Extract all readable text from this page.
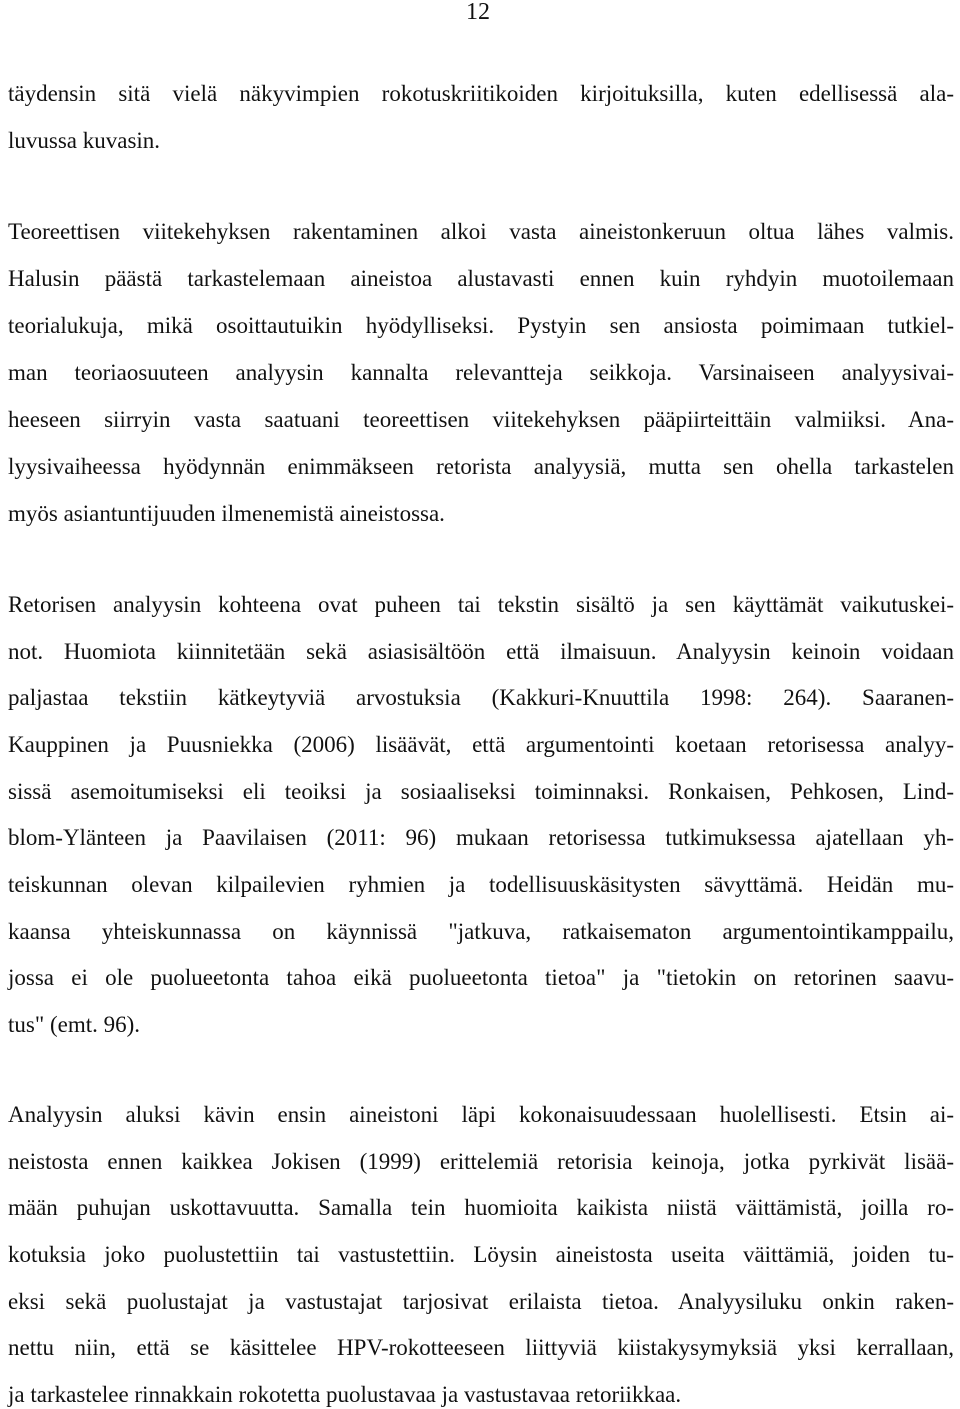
12

täydensin sitä vielä näkyvimpien rokotuskriitikoiden kirjoituksilla, kuten edellisessä ala-

luvussa kuvasin.

Teoreettisen viitekehyksen rakentaminen alkoi vasta aineistonkeruun oltua lähes valmis.

Halusin päästä tarkastelemaan aineistoa alustavasti ennen kuin ryhdyin muotoilemaan

teorialukuja, mikä osoittautuikin hyödylliseksi. Pystyin sen ansiosta poimimaan tutkiel-

man teoriaosuuteen analyysin kannalta relevantteja seikkoja. Varsinaiseen analyysivai-

heeseen siirryin vasta saatuani teoreettisen viitekehyksen pääpiirteittäin valmiiksi. Ana-

lyysivaiheessa hyödynnän enimmäkseen retorista analyysiä, mutta sen ohella tarkastelen

myös asiantuntijuuden ilmenemistä aineistossa.

Retorisen analyysin kohteena ovat puheen tai tekstin sisältö ja sen käyttämät vaikutuskei-

not. Huomiota kiinnitetään sekä asiasisältöön että ilmaisuun. Analyysin keinoin voidaan

paljastaa tekstiin kätkeytyviä arvostuksia (Kakkuri-Knuuttila 1998: 264). Saaranen-

Kauppinen ja Puusniekka (2006) lisäävät, että argumentointi koetaan retorisessa analyy-

sissä asemoitumiseksi eli teoiksi ja sosiaaliseksi toiminnaksi. Ronkaisen, Pehkosen, Lind-

blom-Ylänteen ja Paavilaisen (2011: 96) mukaan retorisessa tutkimuksessa ajatellaan yh-

teiskunnan olevan kilpailevien ryhmien ja todellisuuskäsitysten sävyttämä. Heidän mu-

kaansa yhteiskunnassa on käynnissä "jatkuva, ratkaisematon argumentointikamppailu,

jossa ei ole puolueetonta tahoa eikä puolueetonta tietoa" ja "tietokin on retorinen saavu-

tus" (emt. 96).

Analyysin aluksi kävin ensin aineistoni läpi kokonaisuudessaan huolellisesti. Etsin ai-

neistosta ennen kaikkea Jokisen (1999) erittelemiä retorisia keinoja, jotka pyrkivät lisää-

mään puhujan uskottavuutta. Samalla tein huomioita kaikista niistä väittämistä, joilla ro-

kotuksia joko puolustettiin tai vastustettiin. Löysin aineistosta useita väittämiä, joiden tu-

eksi sekä puolustajat ja vastustajat tarjosivat erilaista tietoa. Analyysiluku onkin raken-

nettu niin, että se käsittelee HPV-rokotteeseen liittyviä kiistakysymyksiä yksi kerrallaan,

ja tarkastelee rinnakkain rokotetta puolustavaa ja vastustavaa retoriikkaa.
